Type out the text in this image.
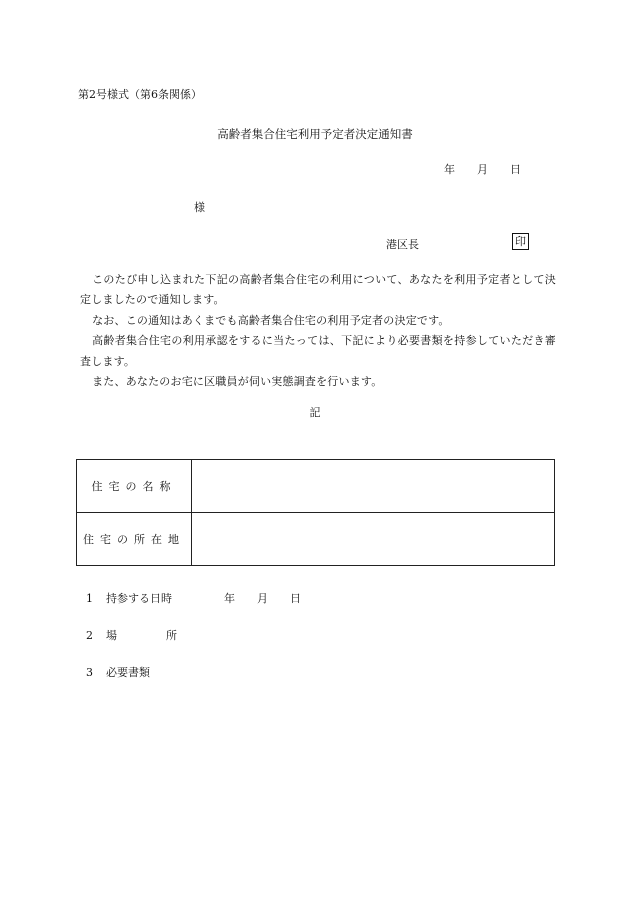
第2号様式（第6条関係）
高齢者集合住宅利用予定者決定通知書
年 月 日
様
港区長	印

このたび申し込まれた下記の高齢者集合住宅の利用について、あなたを利用予定者として決定しましたので通知します。

なお、この通知はあくまでも高齢者集合住宅の利用予定者の決定です。

高齢者集合住宅の利用承認をするに当たっては、下記により必要書類を持参していただき審査します。

また、あなたのお宅に区職員が伺い実態調査を行います。

記
住宅の名称	
住宅の所在地	
1 持参する日時	年 月 日
2 場	所
3 必要書類
